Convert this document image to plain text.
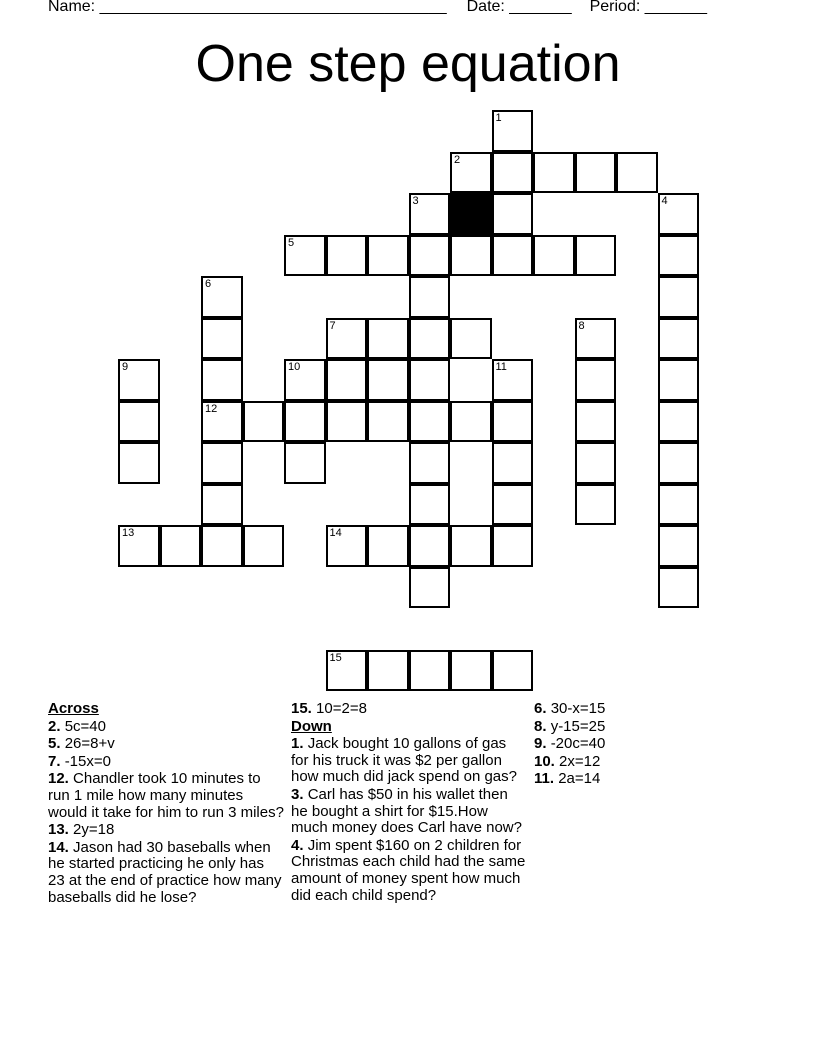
Name: _______________________________________ Date: _______ Period: _______
One step equation
2
5
7
12
13	14
15
1
3	4
6
8
9	10	11
Across
2. 5c=40
5. 26=8+v
7. -15x=0
12. Chandler took 10 minutes to run 1 mile how many minutes would it take for him to run 3 miles?
13. 2y=18
14. Jason had 30 baseballs when he started practicing he only has 23 at the end of practice how many baseballs did he lose?
15. 10=2=8
Down
1. Jack bought 10 gallons of gas for his truck it was $2 per gallon how much did jack spend on gas?
3. Carl has $50 in his wallet then he bought a shirt for $15.How much money does Carl have now?
4. Jim spent $160 on 2 children for Christmas each child had the same amount of money spent how much did each child spend?
6. 30-x=15
8. y-15=25
9. -20c=40
10. 2x=12
11. 2a=14
